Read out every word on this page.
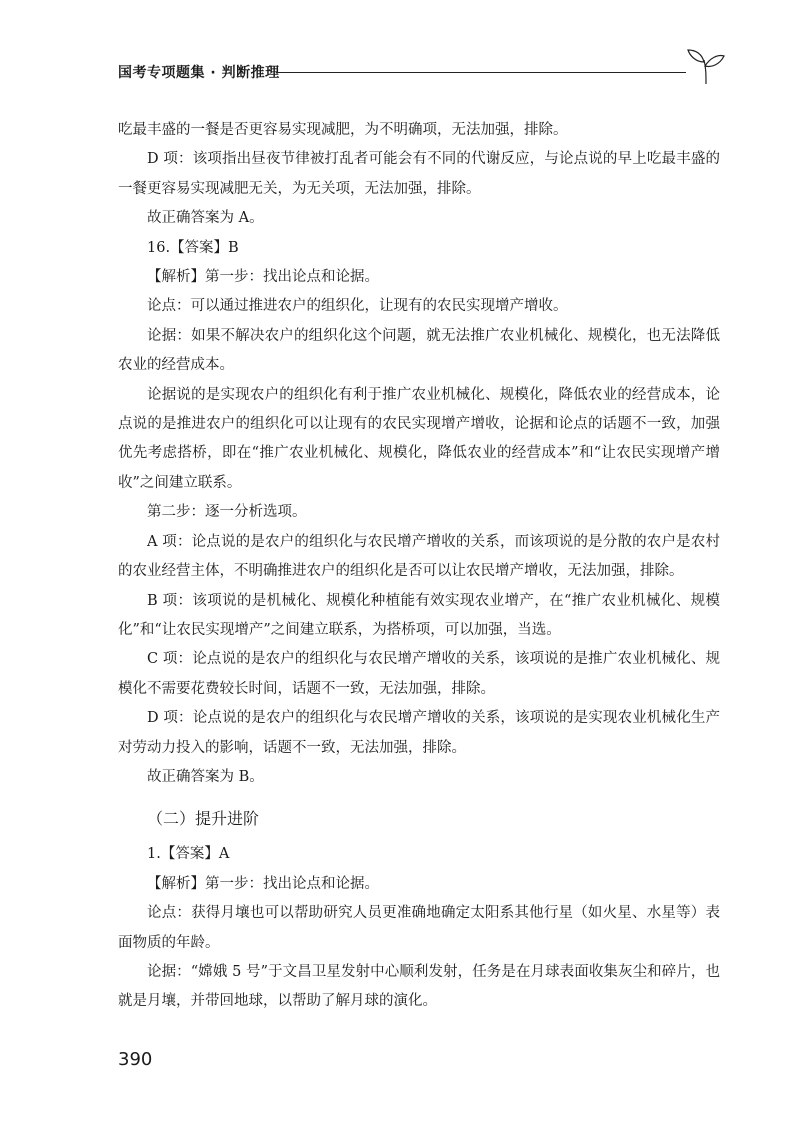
国考专项题集 · 判断推理

吃最丰盛的一餐是否更容易实现减肥，为不明确项，无法加强，排除。

D 项：该项指出昼夜节律被打乱者可能会有不同的代谢反应，与论点说的早上吃最丰盛的一餐更容易实现减肥无关，为无关项，无法加强，排除。

故正确答案为 A。

16.【答案】B

【解析】第一步：找出论点和论据。

论点：可以通过推进农户的组织化，让现有的农民实现增产增收。

论据：如果不解决农户的组织化这个问题，就无法推广农业机械化、规模化，也无法降低农业的经营成本。

论据说的是实现农户的组织化有利于推广农业机械化、规模化，降低农业的经营成本，论点说的是推进农户的组织化可以让现有的农民实现增产增收，论据和论点的话题不一致，加强优先考虑搭桥，即在“推广农业机械化、规模化，降低农业的经营成本”和“让农民实现增产增收”之间建立联系。

第二步：逐一分析选项。

A 项：论点说的是农户的组织化与农民增产增收的关系，而该项说的是分散的农户是农村的农业经营主体，不明确推进农户的组织化是否可以让农民增产增收，无法加强，排除。

B 项：该项说的是机械化、规模化种植能有效实现农业增产，在“推广农业机械化、规模化”和“让农民实现增产”之间建立联系，为搭桥项，可以加强，当选。

C 项：论点说的是农户的组织化与农民增产增收的关系，该项说的是推广农业机械化、规模化不需要花费较长时间，话题不一致，无法加强，排除。

D 项：论点说的是农户的组织化与农民增产增收的关系，该项说的是实现农业机械化生产对劳动力投入的影响，话题不一致，无法加强，排除。

故正确答案为 B。

（二）提升进阶

1.【答案】A

【解析】第一步：找出论点和论据。

论点：获得月壤也可以帮助研究人员更准确地确定太阳系其他行星（如火星、水星等）表面物质的年龄。

论据：“嫦娥 5 号”于文昌卫星发射中心顺利发射，任务是在月球表面收集灰尘和碎片，也就是月壤，并带回地球，以帮助了解月球的演化。

390
